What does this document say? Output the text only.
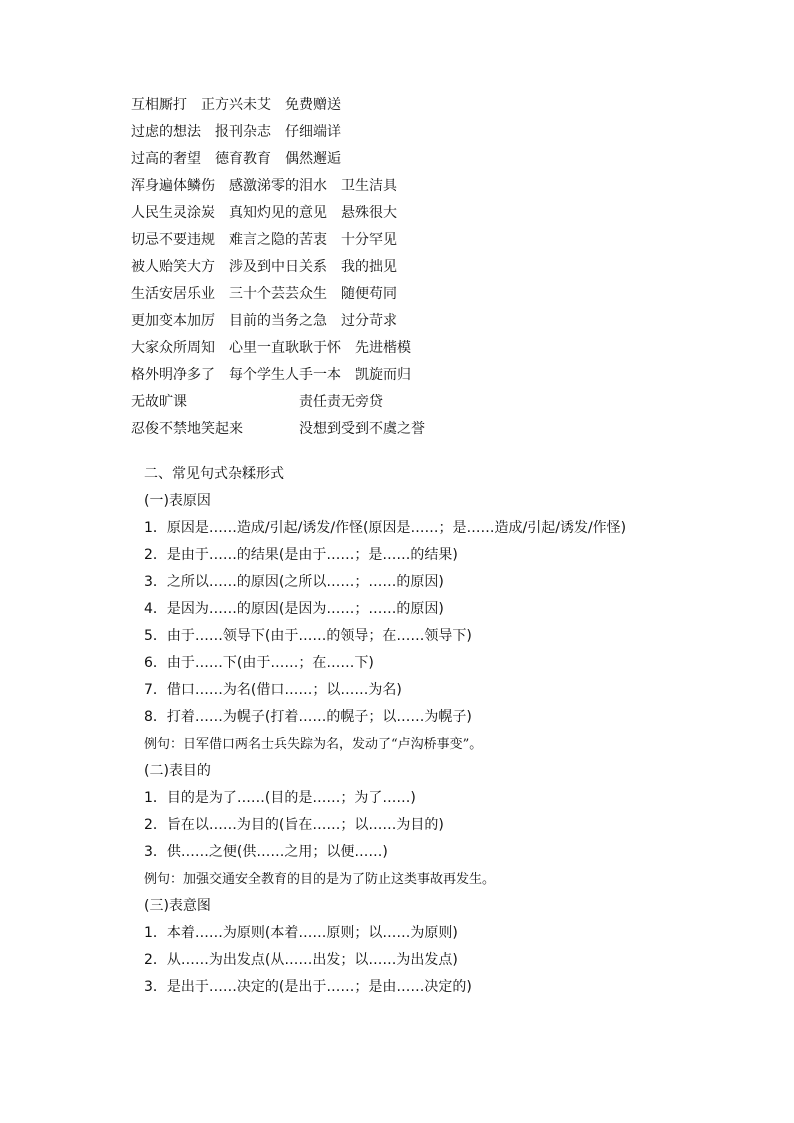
互相厮打 正方兴未艾 免费赠送
过虑的想法 报刊杂志 仔细端详
过高的奢望 德育教育 偶然邂逅
浑身遍体鳞伤 感激涕零的泪水 卫生洁具
人民生灵涂炭 真知灼见的意见 悬殊很大
切忌不要违规 难言之隐的苦衷 十分罕见
被人贻笑大方 涉及到中日关系 我的拙见
生活安居乐业 三十个芸芸众生 随便苟同
更加变本加厉 目前的当务之急 过分苛求
大家众所周知 心里一直耿耿于怀 先进楷模
格外明净多了 每个学生人手一本 凯旋而归
无故旷课	责任责无旁贷
忍俊不禁地笑起来	没想到受到不虞之誉
二、常见句式杂糅形式
(一)表原因
1．原因是……造成/引起/诱发/作怪(原因是……；是……造成/引起/诱发/作怪)
2．是由于……的结果(是由于……；是……的结果)
3．之所以……的原因(之所以……；……的原因)
4．是因为……的原因(是因为……；……的原因)
5．由于……领导下(由于……的领导；在……领导下)
6．由于……下(由于……；在……下)
7．借口……为名(借口……；以……为名)
8．打着……为幌子(打着……的幌子；以……为幌子)
例句：日军借口两名士兵失踪为名，发动了“卢沟桥事变”。
(二)表目的
1．目的是为了……(目的是……；为了……)
2．旨在以……为目的(旨在……；以……为目的)
3．供……之便(供……之用；以便……)
例句：加强交通安全教育的目的是为了防止这类事故再发生。
(三)表意图
1．本着……为原则(本着……原则；以……为原则)
2．从……为出发点(从……出发；以……为出发点)
3．是出于……决定的(是出于……；是由……决定的)
